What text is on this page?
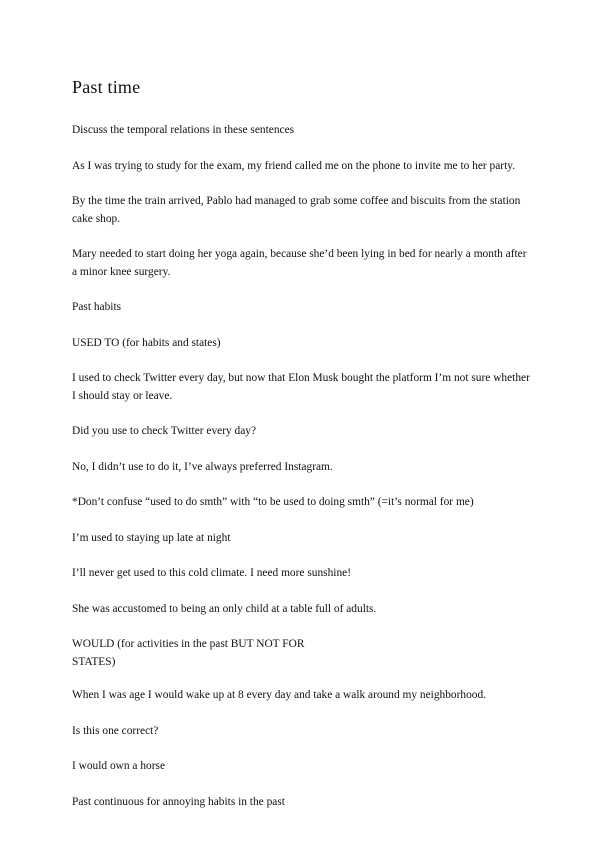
Past time

Discuss the temporal relations in these sentences

As I was trying to study for the exam, my friend called me on the phone to invite me to her party.

By the time the train arrived, Pablo had managed to grab some coffee and biscuits from the station cake shop.

Mary needed to start doing her yoga again, because she’d been lying in bed for nearly a month after a minor knee surgery.

Past habits

USED TO (for habits and states)

I used to check Twitter every day, but now that Elon Musk bought the platform I’m not sure whether I should stay or leave.

Did you use to check Twitter every day?

No, I didn’t use to do it, I’ve always preferred Instagram.

*Don’t confuse “used to do smth” with “to be used to doing smth” (=it’s normal for me)

I’m used to staying up late at night

I’ll never get used to this cold climate. I need more sunshine!

She was accustomed to being an only child at a table full of adults.

WOULD (for activities in the past BUT NOT FOR STATES)

When I was age I would wake up at 8 every day and take a walk around my neighborhood.

Is this one correct?

I would own a horse

Past continuous for annoying habits in the past
